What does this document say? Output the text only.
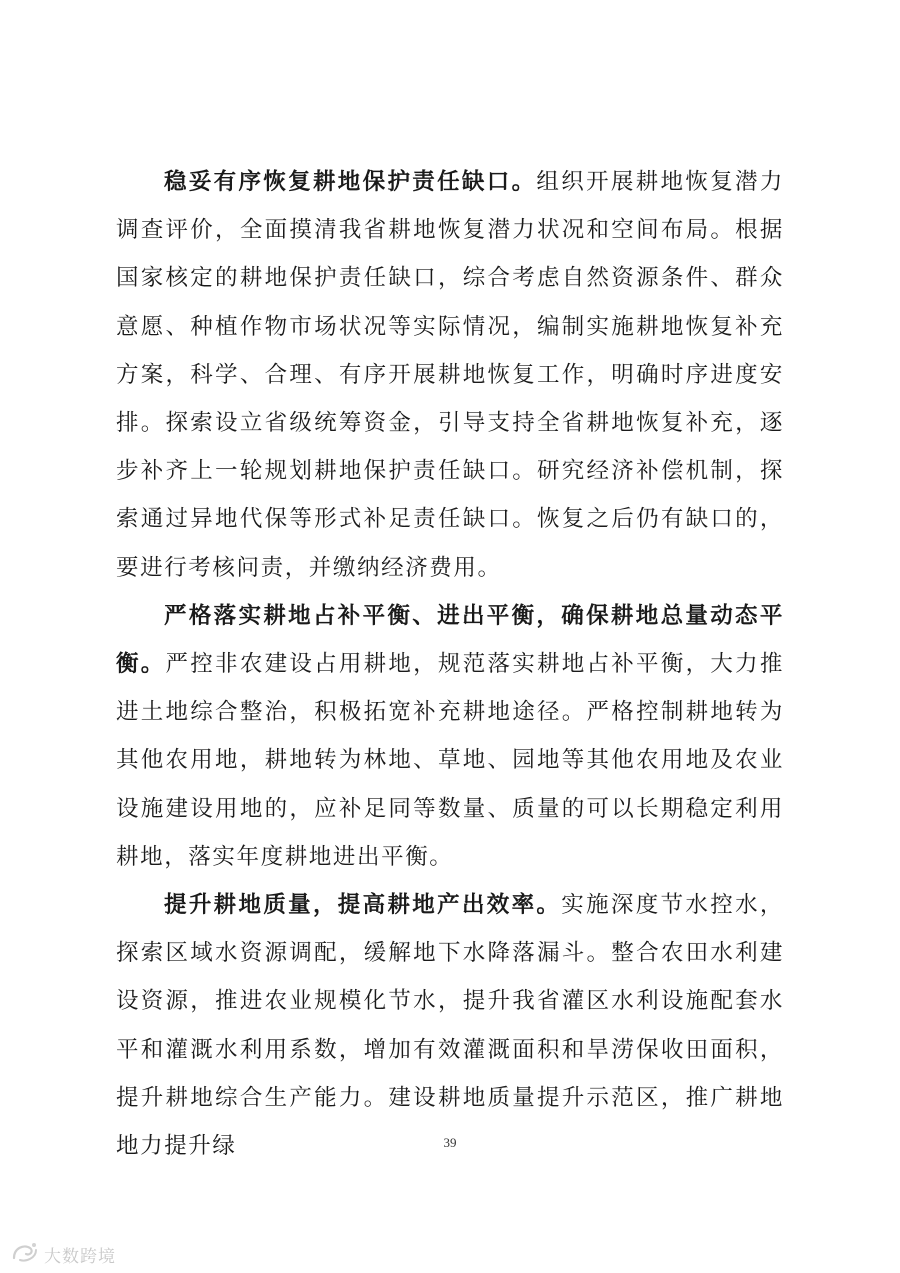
稳妥有序恢复耕地保护责任缺口。组织开展耕地恢复潜力调查评价，全面摸清我省耕地恢复潜力状况和空间布局。根据国家核定的耕地保护责任缺口，综合考虑自然资源条件、群众意愿、种植作物市场状况等实际情况，编制实施耕地恢复补充方案，科学、合理、有序开展耕地恢复工作，明确时序进度安排。探索设立省级统筹资金，引导支持全省耕地恢复补充，逐步补齐上一轮规划耕地保护责任缺口。研究经济补偿机制，探索通过异地代保等形式补足责任缺口。恢复之后仍有缺口的，要进行考核问责，并缴纳经济费用。

严格落实耕地占补平衡、进出平衡，确保耕地总量动态平衡。严控非农建设占用耕地，规范落实耕地占补平衡，大力推进土地综合整治，积极拓宽补充耕地途径。严格控制耕地转为其他农用地，耕地转为林地、草地、园地等其他农用地及农业设施建设用地的，应补足同等数量、质量的可以长期稳定利用耕地，落实年度耕地进出平衡。

提升耕地质量，提高耕地产出效率。实施深度节水控水，探索区域水资源调配，缓解地下水降落漏斗。整合农田水利建设资源，推进农业规模化节水，提升我省灌区水利设施配套水平和灌溉水利用系数，增加有效灌溉面积和旱涝保收田面积，提升耕地综合生产能力。建设耕地质量提升示范区，推广耕地地力提升绿	39
大数跨境
